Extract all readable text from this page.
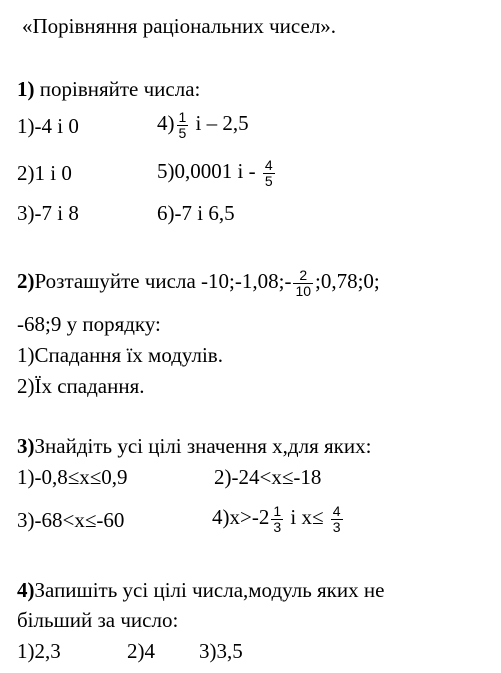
«Порівняння раціональних чисел».
1) порівняйте числа:
1)-4 і 0	$4) \frac{1}{5}$ і – 2,5
2)1 і 0	5)0,0001 і - $\frac{4}{5}$
3)-7 і 8	6)-7 і 6,5
2)Розташуйте числа -10;-1,08;- $\frac{2}{10}$ ;0,78;0;
-68;9 у порядку:
1)Спадання їх модулів.
2)Їх спадання.
3)Знайдіть усі цілі значення х,для яких:
1)-0,8≤х≤0,9	2)-24<х≤-18
3)-68<х≤-60	$4)х>-2 \frac{1}{3}$ і $х\le \frac{4}{3}$
4)Запишіть усі цілі числа,модуль яких не
більший за число:
1)2,3	2)4 3)3,5
